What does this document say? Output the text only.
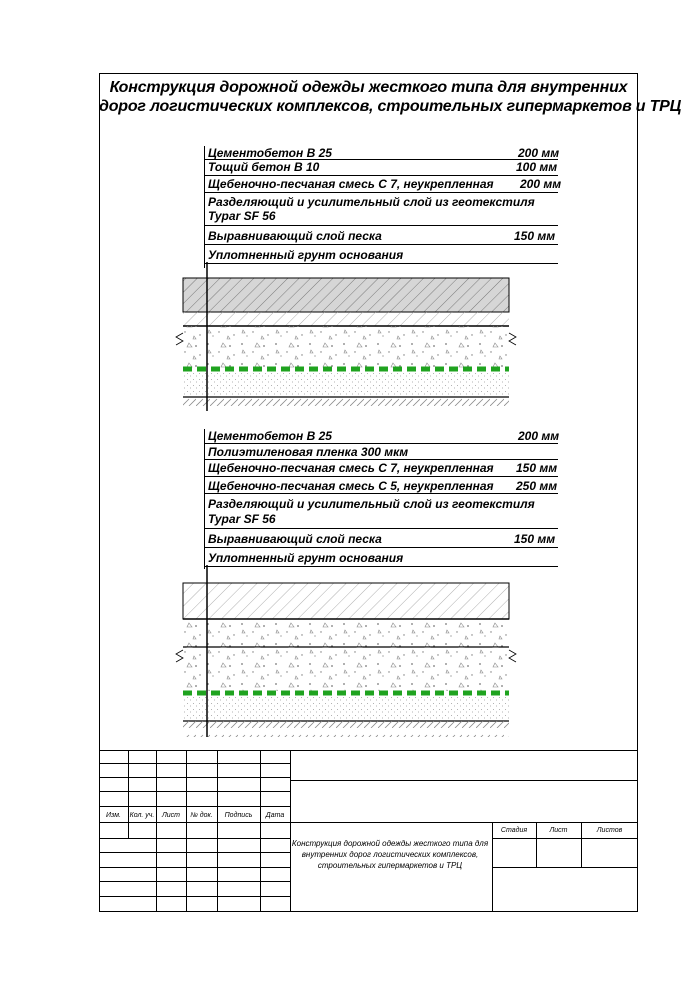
Конструкция дорожной одежды жесткого типа для внутренних
дорог логистических комплексов, строительных гипермаркетов и ТРЦ
Цементобетон В 25	200 мм
Тощий бетон В 10	100 мм
Щебеночно-песчаная смесь С 7, неукрепленная 200 мм
Разделяющий и усилительный слой из геотекстиля
Typar SF 56
Выравнивающий слой песка	150 мм
Уплотненный грунт основания
Цементобетон В 25	200 мм
Полиэтиленовая пленка 300 мкм
Щебеночно-песчаная смесь С 7, неукрепленная 150 мм
Щебеночно-песчаная смесь С 5, неукрепленная 250 мм
Разделяющий и усилительный слой из геотекстиля
Typar SF 56
Выравнивающий слой песка	150 мм
Уплотненный грунт основания
Изм.	Кол. уч.	Лист	№ док.	Подпись	Дата
Стадия	Лист	Листов
Конструкция дорожной одежды жесткого типа для внутренних дорог логистических комплексов, строительных гипермаркетов и ТРЦ
